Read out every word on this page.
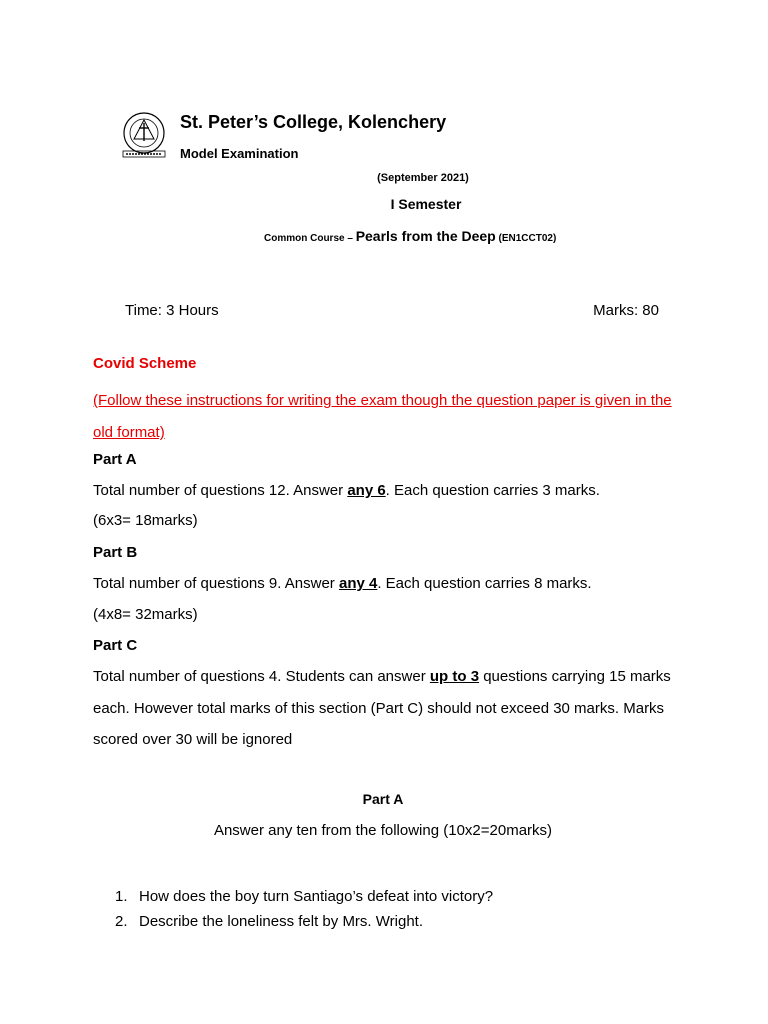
St. Peter’s College, Kolenchery
Model Examination
(September 2021)
I Semester
Common Course – Pearls from the Deep (EN1CCT02)
Time: 3 Hours	Marks: 80
Covid Scheme
(Follow these instructions for writing the exam though the question paper is given in the old format)
Part A
Total number of questions 12. Answer any 6. Each question carries 3 marks.
(6x3= 18marks)
Part B
Total number of questions 9. Answer any 4. Each question carries 8 marks.
(4x8= 32marks)
Part C
Total number of questions 4. Students can answer up to 3 questions carrying 15 marks each. However total marks of this section (Part C) should not exceed 30 marks. Marks scored over 30 will be ignored
Part A
Answer any ten from the following (10x2=20marks)
1. How does the boy turn Santiago’s defeat into victory?
2. Describe the loneliness felt by Mrs. Wright.
